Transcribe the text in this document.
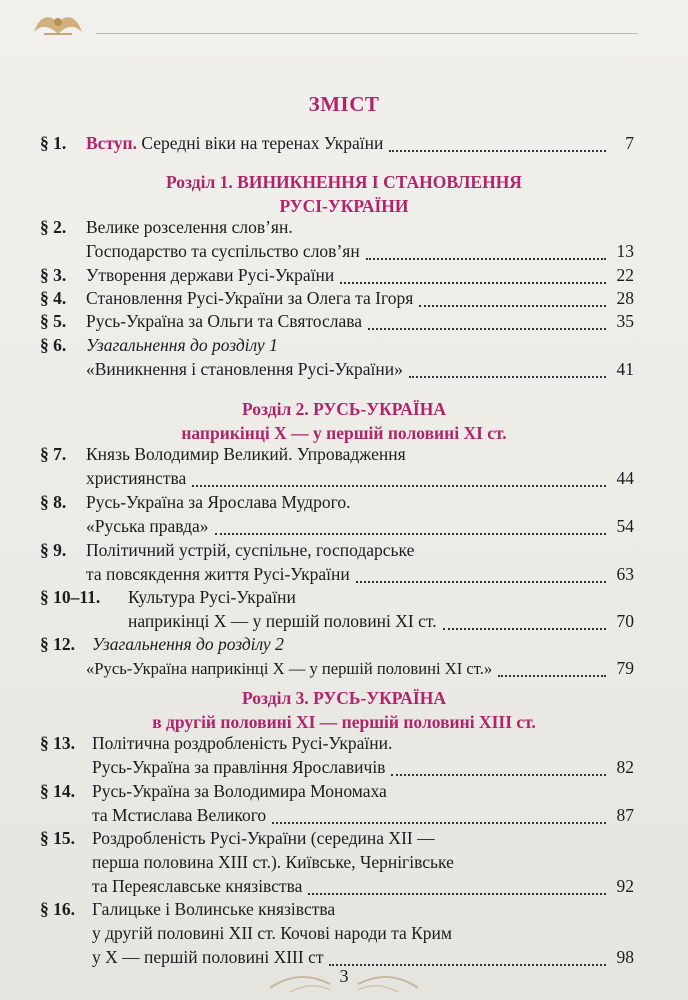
ЗМІСТ
§ 1. Вступ. Середні віки на теренах України	7
Розділ 1. ВИНИКНЕННЯ І СТАНОВЛЕННЯ
РУСІ-УКРАЇНИ
§ 2. Велике розселення слов’ян.
Господарство та суспільство слов’ян	13
§ 3. Утворення держави Русі-України	22
§ 4. Становлення Русі-України за Олега та Ігоря	28
§ 5. Русь-Україна за Ольги та Святослава	35
§ 6. Узагальнення до розділу 1
«Виникнення і становлення Русі-України»	41
Розділ 2. РУСЬ-УКРАЇНА
наприкінці Х — у першій половині ХІ ст.
§ 7. Князь Володимир Великий. Упровадження
християнства	44
§ 8. Русь-Україна за Ярослава Мудрого.
«Руська правда»	54
§ 9. Політичний устрій, суспільне, господарське
та повсякдення життя Русі-України	63
§ 10–11. Культура Русі-України
наприкінці Х — у першій половині ХІ ст.	70
§ 12. Узагальнення до розділу 2
«Русь-Україна наприкінці Х — у першій половині ХІ ст.»	79
Розділ 3. РУСЬ-УКРАЇНА
в другій половині ХІ — першій половині ХІІІ ст.
§ 13. Політична роздробленість Русі-України.
Русь-Україна за правління Ярославичів	82
§ 14. Русь-Україна за Володимира Мономаха
та Мстислава Великого	87
§ 15. Роздробленість Русі-України (середина ХІІ —
перша половина ХІІІ ст.). Київське, Чернігівське
та Переяславське князівства	92
§ 16. Галицьке і Волинське князівства
у другій половині ХІІ ст. Кочові народи та Крим
у Х — першій половині ХІІІ ст	98
3
